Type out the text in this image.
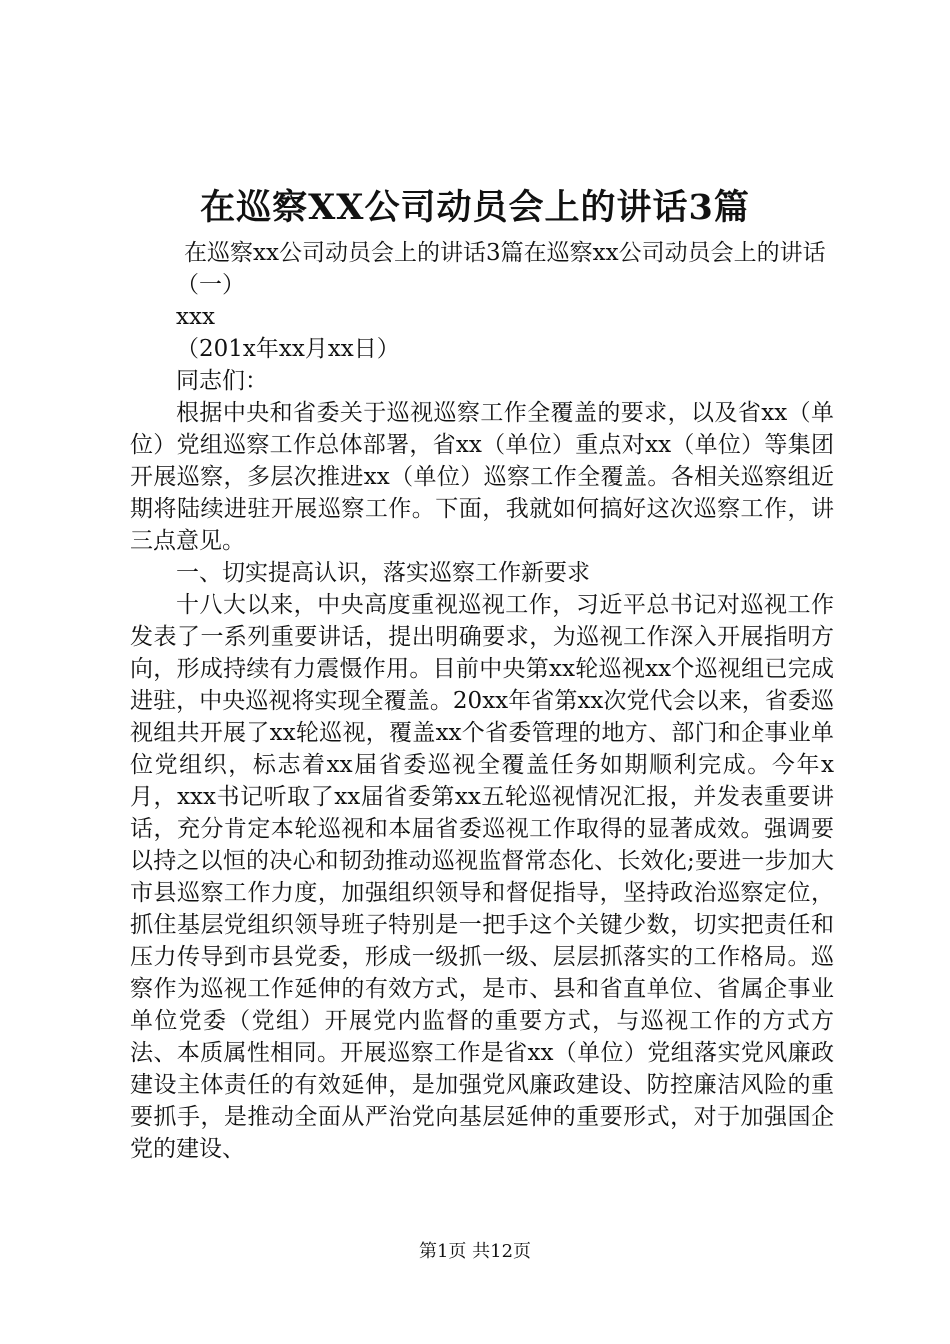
在巡察XX公司动员会上的讲话3篇

在巡察xx公司动员会上的讲话3篇在巡察xx公司动员会上的讲话

（一）

xxx

（201x年xx月xx日）

同志们：

根据中央和省委关于巡视巡察工作全覆盖的要求，以及省xx（单位）党组巡察工作总体部署，省xx（单位）重点对xx（单位）等集团开展巡察，多层次推进xx（单位）巡察工作全覆盖。各相关巡察组近期将陆续进驻开展巡察工作。下面，我就如何搞好这次巡察工作，讲三点意见。

一、切实提高认识，落实巡察工作新要求

十八大以来，中央高度重视巡视工作，习近平总书记对巡视工作发表了一系列重要讲话，提出明确要求，为巡视工作深入开展指明方向，形成持续有力震慑作用。目前中央第xx轮巡视xx个巡视组已完成进驻，中央巡视将实现全覆盖。20xx年省第xx次党代会以来，省委巡视组共开展了xx轮巡视，覆盖xx个省委管理的地方、部门和企事业单位党组织，标志着xx届省委巡视全覆盖任务如期顺利完成。今年x月，xxx书记听取了xx届省委第xx五轮巡视情况汇报，并发表重要讲话，充分肯定本轮巡视和本届省委巡视工作取得的显著成效。强调要以持之以恒的决心和韧劲推动巡视监督常态化、长效化;要进一步加大市县巡察工作力度，加强组织领导和督促指导，坚持政治巡察定位，抓住基层党组织领导班子特别是一把手这个关键少数，切实把责任和压力传导到市县党委，形成一级抓一级、层层抓落实的工作格局。巡察作为巡视工作延伸的有效方式，是市、县和省直单位、省属企事业单位党委（党组）开展党内监督的重要方式，与巡视工作的方式方法、本质属性相同。开展巡察工作是省xx（单位）党组落实党风廉政建设主体责任的有效延伸，是加强党风廉政建设、防控廉洁风险的重要抓手，是推动全面从严治党向基层延伸的重要形式，对于加强国企党的建设、

第1页 共12页
